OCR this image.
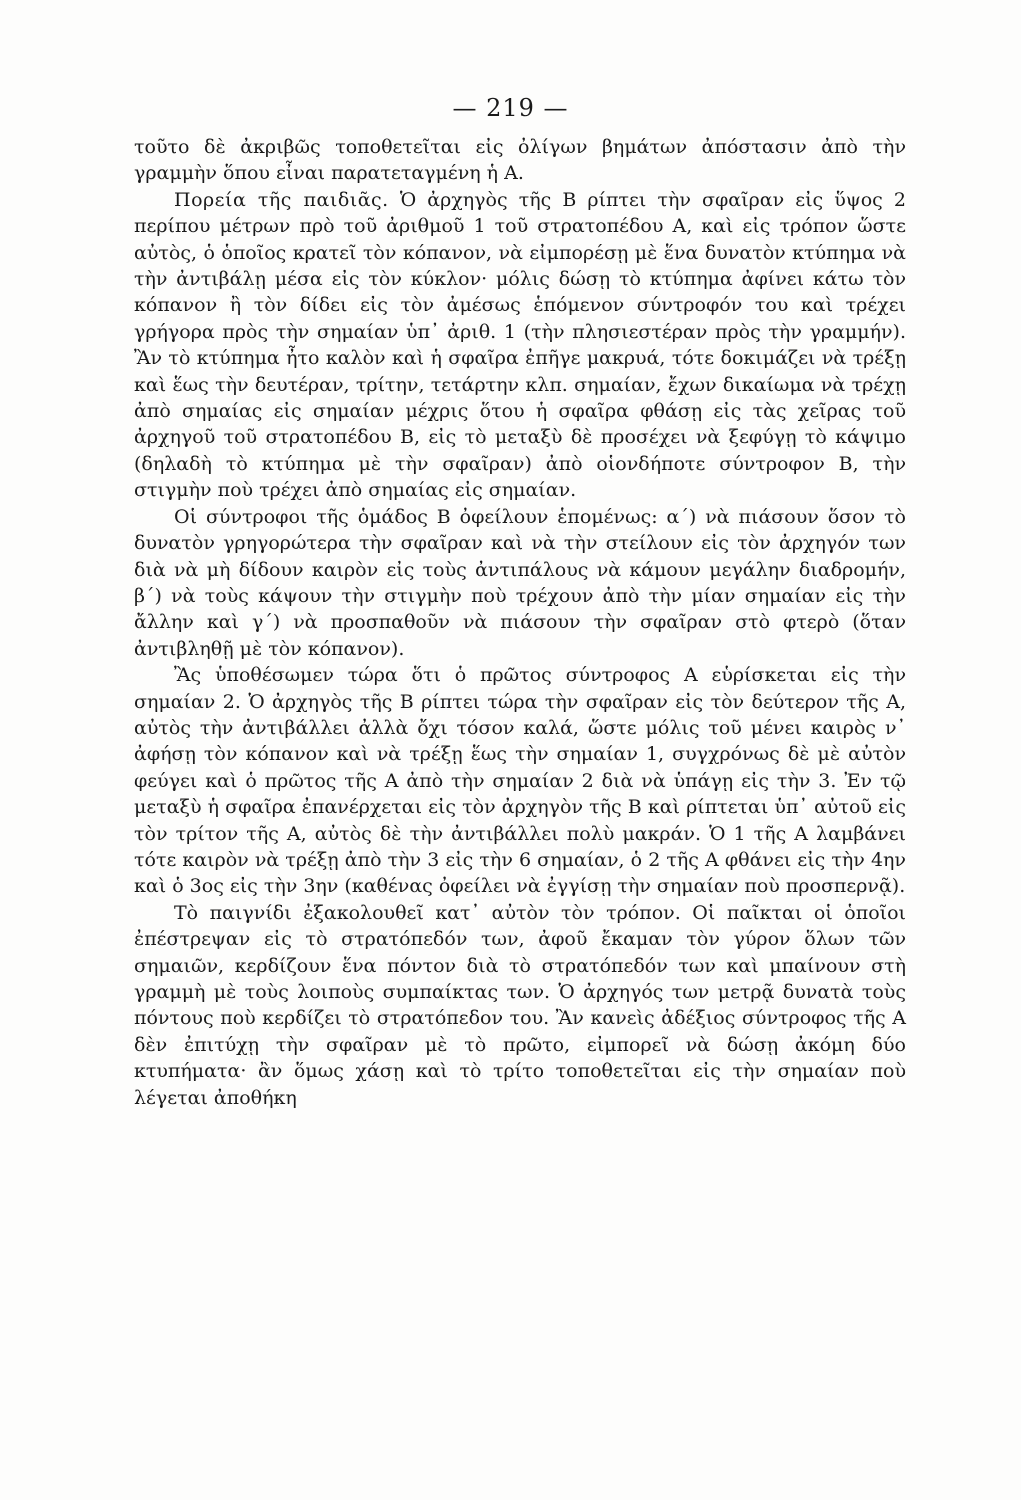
— 219 —

τοῦτο δὲ ἀκριβῶς τοποθετεῖται εἰς ὀλίγων βημάτων ἀπόστασιν ἀπὸ τὴν γραμμὴν ὅπου εἶναι παρατεταγμένη ἡ Α.

Πορεία τῆς παιδιᾶς. Ὁ ἀρχηγὸς τῆς Β ρίπτει τὴν σφαῖραν εἰς ὕψος 2 περίπου μέτρων πρὸ τοῦ ἀριθμοῦ 1 τοῦ στρατοπέδου Α, καὶ εἰς τρόπον ὥστε αὐτὸς, ὁ ὁποῖος κρατεῖ τὸν κόπανον, νὰ εἰμπορέσῃ μὲ ἕνα δυνατὸν κτύπημα νὰ τὴν ἀντιβάλῃ μέσα εἰς τὸν κύκλον· μόλις δώσῃ τὸ κτύπημα ἀφίνει κάτω τὸν κόπανον ἢ τὸν δίδει εἰς τὸν ἀμέσως ἑπόμενον σύντροφόν του καὶ τρέχει γρήγορα πρὸς τὴν σημαίαν ὑπ᾿ ἀριθ. 1 (τὴν πλησιεστέραν πρὸς τὴν γραμμήν). Ἂν τὸ κτύπημα ἦτο καλὸν καὶ ἡ σφαῖρα ἐπῆγε μακρυά, τότε δοκιμάζει νὰ τρέξῃ καὶ ἕως τὴν δευτέραν, τρίτην, τετάρτην κλπ. σημαίαν, ἔχων δικαίωμα νὰ τρέχῃ ἀπὸ σημαίας εἰς σημαίαν μέχρις ὅτου ἡ σφαῖρα φθάσῃ εἰς τὰς χεῖρας τοῦ ἀρχηγοῦ τοῦ στρατοπέδου Β, εἰς τὸ μεταξὺ δὲ προσέχει νὰ ξεφύγῃ τὸ κάψιμο (δηλαδὴ τὸ κτύπημα μὲ τὴν σφαῖραν) ἀπὸ οἱονδήποτε σύντροφον Β, τὴν στιγμὴν ποὺ τρέχει ἀπὸ σημαίας εἰς σημαίαν.

Οἱ σύντροφοι τῆς ὁμάδος Β ὀφείλουν ἑπομένως: α΄) νὰ πιάσουν ὅσον τὸ δυνατὸν γρηγορώτερα τὴν σφαῖραν καὶ νὰ τὴν στείλουν εἰς τὸν ἀρχηγόν των διὰ νὰ μὴ δίδουν καιρὸν εἰς τοὺς ἀντιπάλους νὰ κάμουν μεγάλην διαδρομήν, β΄) νὰ τοὺς κάψουν τὴν στιγμὴν ποὺ τρέχουν ἀπὸ τὴν μίαν σημαίαν εἰς τὴν ἄλλην καὶ γ΄) νὰ προσπαθοῦν νὰ πιάσουν τὴν σφαῖραν στὸ φτερὸ (ὅταν ἀντιβληθῇ μὲ τὸν κόπανον).

Ἂς ὑποθέσωμεν τώρα ὅτι ὁ πρῶτος σύντροφος Α εὑρίσκεται εἰς τὴν σημαίαν 2. Ὁ ἀρχηγὸς τῆς Β ρίπτει τώρα τὴν σφαῖραν εἰς τὸν δεύτερον τῆς Α, αὐτὸς τὴν ἀντιβάλλει ἀλλὰ ὄχι τόσον καλά, ὥστε μόλις τοῦ μένει καιρὸς ν᾿ ἀφήσῃ τὸν κόπανον καὶ νὰ τρέξῃ ἕως τὴν σημαίαν 1, συγχρόνως δὲ μὲ αὐτὸν φεύγει καὶ ὁ πρῶτος τῆς Α ἀπὸ τὴν σημαίαν 2 διὰ νὰ ὑπάγῃ εἰς τὴν 3. Ἐν τῷ μεταξὺ ἡ σφαῖρα ἐπανέρχεται εἰς τὸν ἀρχηγὸν τῆς Β καὶ ρίπτεται ὑπ᾿ αὐτοῦ εἰς τὸν τρίτον τῆς Α, αὐτὸς δὲ τὴν ἀντιβάλλει πολὺ μακράν. Ὁ 1 τῆς Α λαμβάνει τότε καιρὸν νὰ τρέξῃ ἀπὸ τὴν 3 εἰς τὴν 6 σημαίαν, ὁ 2 τῆς Α φθάνει εἰς τὴν 4ην καὶ ὁ 3ος εἰς τὴν 3ην (καθένας ὀφείλει νὰ ἐγγίσῃ τὴν σημαίαν ποὺ προσπερνᾷ).

Τὸ παιγνίδι ἐξακολουθεῖ κατ᾿ αὐτὸν τὸν τρόπον. Οἱ παῖκται οἱ ὁποῖοι ἐπέστρεψαν εἰς τὸ στρατόπεδόν των, ἀφοῦ ἔκαμαν τὸν γύρον ὅλων τῶν σημαιῶν, κερδίζουν ἕνα πόντον διὰ τὸ στρατόπεδόν των καὶ μπαίνουν στὴ γραμμὴ μὲ τοὺς λοιποὺς συμπαίκτας των. Ὁ ἀρχηγός των μετρᾷ δυνατὰ τοὺς πόντους ποὺ κερδίζει τὸ στρατόπεδον του. Ἂν κανεὶς ἀδέξιος σύντροφος τῆς Α δὲν ἐπιτύχῃ τὴν σφαῖραν μὲ τὸ πρῶτο, εἰμπορεῖ νὰ δώσῃ ἀκόμη δύο κτυπήματα· ἂν ὅμως χάσῃ καὶ τὸ τρίτο τοποθετεῖται εἰς τὴν σημαίαν ποὺ λέγεται ἀποθήκη
